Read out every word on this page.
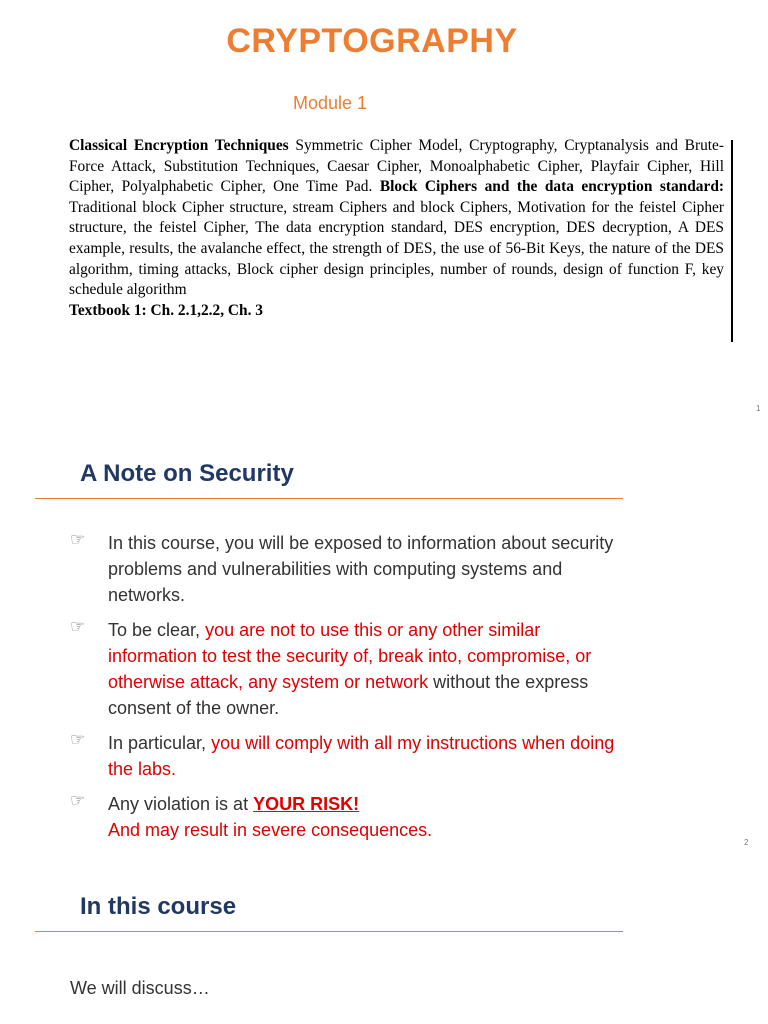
CRYPTOGRAPHY
Module 1
Classical Encryption Techniques Symmetric Cipher Model, Cryptography, Cryptanalysis and Brute-Force Attack, Substitution Techniques, Caesar Cipher, Monoalphabetic Cipher, Playfair Cipher, Hill Cipher, Polyalphabetic Cipher, One Time Pad. Block Ciphers and the data encryption standard: Traditional block Cipher structure, stream Ciphers and block Ciphers, Motivation for the feistel Cipher structure, the feistel Cipher, The data encryption standard, DES encryption, DES decryption, A DES example, results, the avalanche effect, the strength of DES, the use of 56-Bit Keys, the nature of the DES algorithm, timing attacks, Block cipher design principles, number of rounds, design of function F, key schedule algorithm
Textbook 1: Ch. 2.1,2.2, Ch. 3
1
A Note on Security
☞ In this course, you will be exposed to information about security problems and vulnerabilities with computing systems and networks.
☞ To be clear, you are not to use this or any other similar information to test the security of, break into, compromise, or otherwise attack, any system or network without the express consent of the owner.
☞ In particular, you will comply with all my instructions when doing the labs.
☞ Any violation is at YOUR RISK!
And may result in severe consequences.
2
In this course
We will discuss…
